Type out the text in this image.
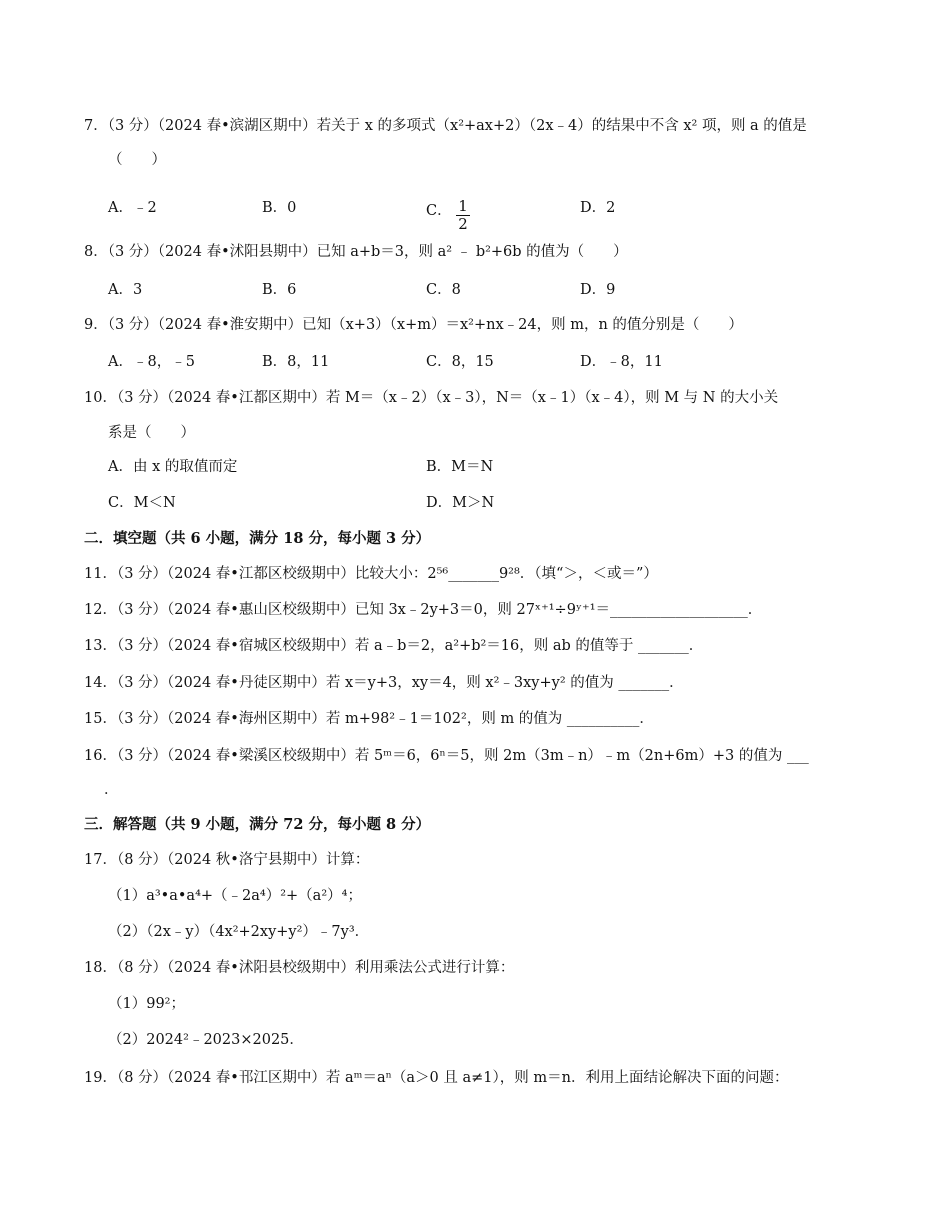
7．（3 分）（2024 春•滨湖区期中）若关于 x 的多项式（x²+ax+2）（2x﹣4）的结果中不含 x² 项，则 a 的值是
（　　）
A．﹣2	B．0	C． $\frac{1}{2}$	D．2
8．（3 分）（2024 春•沭阳县期中）已知 a+b＝3，则 a² ﹣ b²+6b 的值为（　　）
A．3	B．6	C．8	D．9
9．（3 分）（2024 春•淮安期中）已知（x+3）（x+m）＝x²+nx﹣24，则 m，n 的值分别是（　　）
A．﹣8，﹣5	B．8，11	C．8，15	D．﹣8，11
10．（3 分）（2024 春•江都区期中）若 M＝（x﹣2）（x﹣3），N＝（x﹣1）（x﹣4），则 M 与 N 的大小关
系是（　　）
A．由 x 的取值而定	B．M＝N
C．M＜N	D．M＞N
二．填空题（共 6 小题，满分 18 分，每小题 3 分）
11．（3 分）（2024 春•江都区校级期中）比较大小：2⁵⁶_______9²⁸．（填“＞，＜或＝”）
12．（3 分）（2024 春•惠山区校级期中）已知 3x﹣2y+3＝0，则 27ˣ⁺¹÷9ʸ⁺¹＝___________________．
13．（3 分）（2024 春•宿城区校级期中）若 a﹣b＝2，a²+b²＝16，则 ab 的值等于 _______．
14．（3 分）（2024 春•丹徒区期中）若 x＝y+3，xy＝4，则 x²﹣3xy+y² 的值为 _______．
15．（3 分）（2024 春•海州区期中）若 m+98²﹣1＝102²，则 m 的值为 __________．
16．（3 分）（2024 春•梁溪区校级期中）若 5ᵐ＝6，6ⁿ＝5，则 2m（3m﹣n）﹣m（2n+6m）+3 的值为 ___
．
三．解答题（共 9 小题，满分 72 分，每小题 8 分）
17．（8 分）（2024 秋•洛宁县期中）计算：
（1）a³•a•a⁴+（﹣2a⁴）²+（a²）⁴；
（2）（2x﹣y）（4x²+2xy+y²）﹣7y³．
18．（8 分）（2024 春•沭阳县校级期中）利用乘法公式进行计算：
（1）99²；
（2）2024²﹣2023×2025．
19．（8 分）（2024 春•邗江区期中）若 aᵐ＝aⁿ（a＞0 且 a≠1），则 m＝n．利用上面结论解决下面的问题：
